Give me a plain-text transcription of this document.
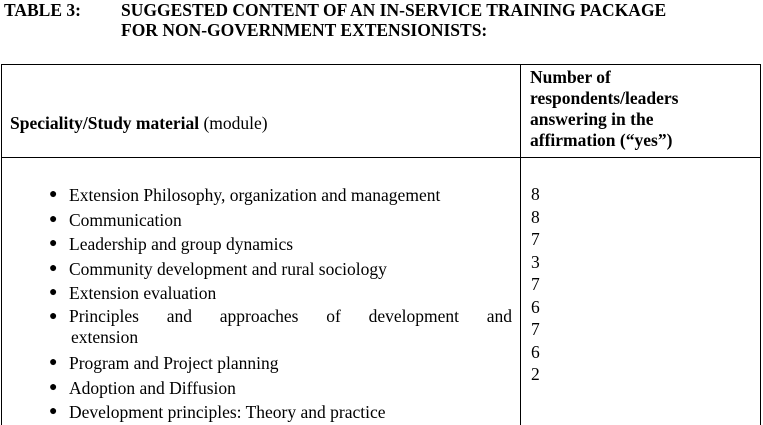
TABLE 3: SUGGESTED CONTENT OF AN IN-SERVICE TRAINING PACKAGE
FOR NON-GOVERNMENT EXTENSIONISTS:
Speciality/Study material (module)
Number of
respondents/leaders
answering in the
affirmation (“yes”)
● Extension Philosophy, organization and management
● Communication
● Leadership and group dynamics
● Community development and rural sociology
● Extension evaluation
● Principles and approaches of development and
extension
● Program and Project planning
● Adoption and Diffusion
● Development principles: Theory and practice
8
8
7
3
7
6
7
6
2
